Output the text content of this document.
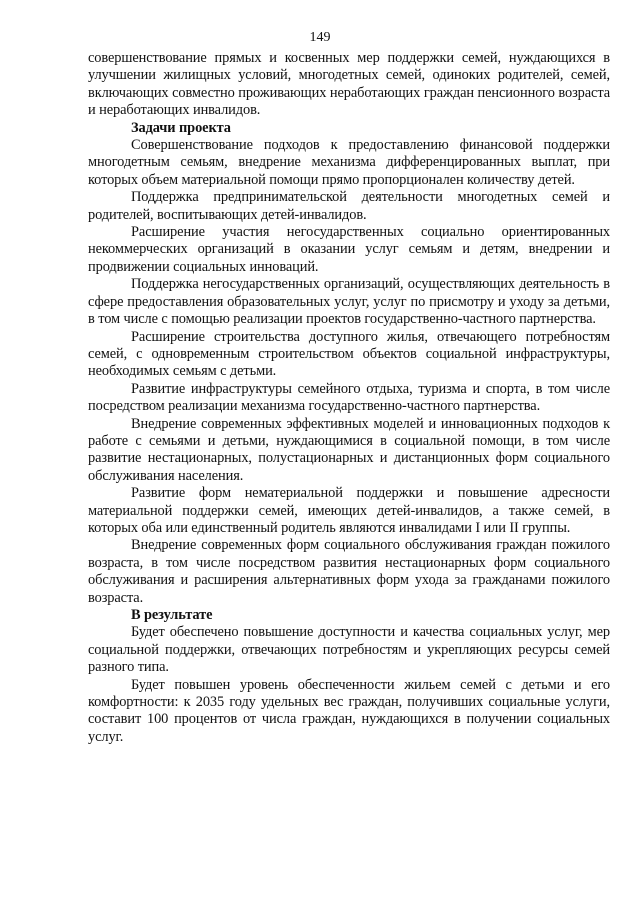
149

совершенствование прямых и косвенных мер поддержки семей, нуждающихся в улучшении жилищных условий, многодетных семей, одиноких родителей, семей, включающих совместно проживающих неработающих граждан пенсионного возраста и неработающих инвалидов.

Задачи проекта

Совершенствование подходов к предоставлению финансовой поддержки многодетным семьям, внедрение механизма дифференцированных выплат, при которых объем материальной помощи прямо пропорционален количеству детей.

Поддержка предпринимательской деятельности многодетных семей и родителей, воспитывающих детей-инвалидов.

Расширение участия негосударственных социально ориентированных некоммерческих организаций в оказании услуг семьям и детям, внедрении и продвижении социальных инноваций.

Поддержка негосударственных организаций, осуществляющих деятельность в сфере предоставления образовательных услуг, услуг по присмотру и уходу за детьми, в том числе с помощью реализации проектов государственно-частного партнерства.

Расширение строительства доступного жилья, отвечающего потребностям семей, с одновременным строительством объектов социальной инфраструктуры, необходимых семьям с детьми.

Развитие инфраструктуры семейного отдыха, туризма и спорта, в том числе посредством реализации механизма государственно-частного партнерства.

Внедрение современных эффективных моделей и инновационных подходов к работе с семьями и детьми, нуждающимися в социальной помощи, в том числе развитие нестационарных, полустационарных и дистанционных форм социального обслуживания населения.

Развитие форм нематериальной поддержки и повышение адресности материальной поддержки семей, имеющих детей-инвалидов, а также семей, в которых оба или единственный родитель являются инвалидами I или II группы.

Внедрение современных форм социального обслуживания граждан пожилого возраста, в том числе посредством развития нестационарных форм социального обслуживания и расширения альтернативных форм ухода за гражданами пожилого возраста.

В результате

Будет обеспечено повышение доступности и качества социальных услуг, мер социальной поддержки, отвечающих потребностям и укрепляющих ресурсы семей разного типа.

Будет повышен уровень обеспеченности жильем семей с детьми и его комфортности: к 2035 году удельных вес граждан, получивших социальные услуги, составит 100 процентов от числа граждан, нуждающихся в получении социальных услуг.
